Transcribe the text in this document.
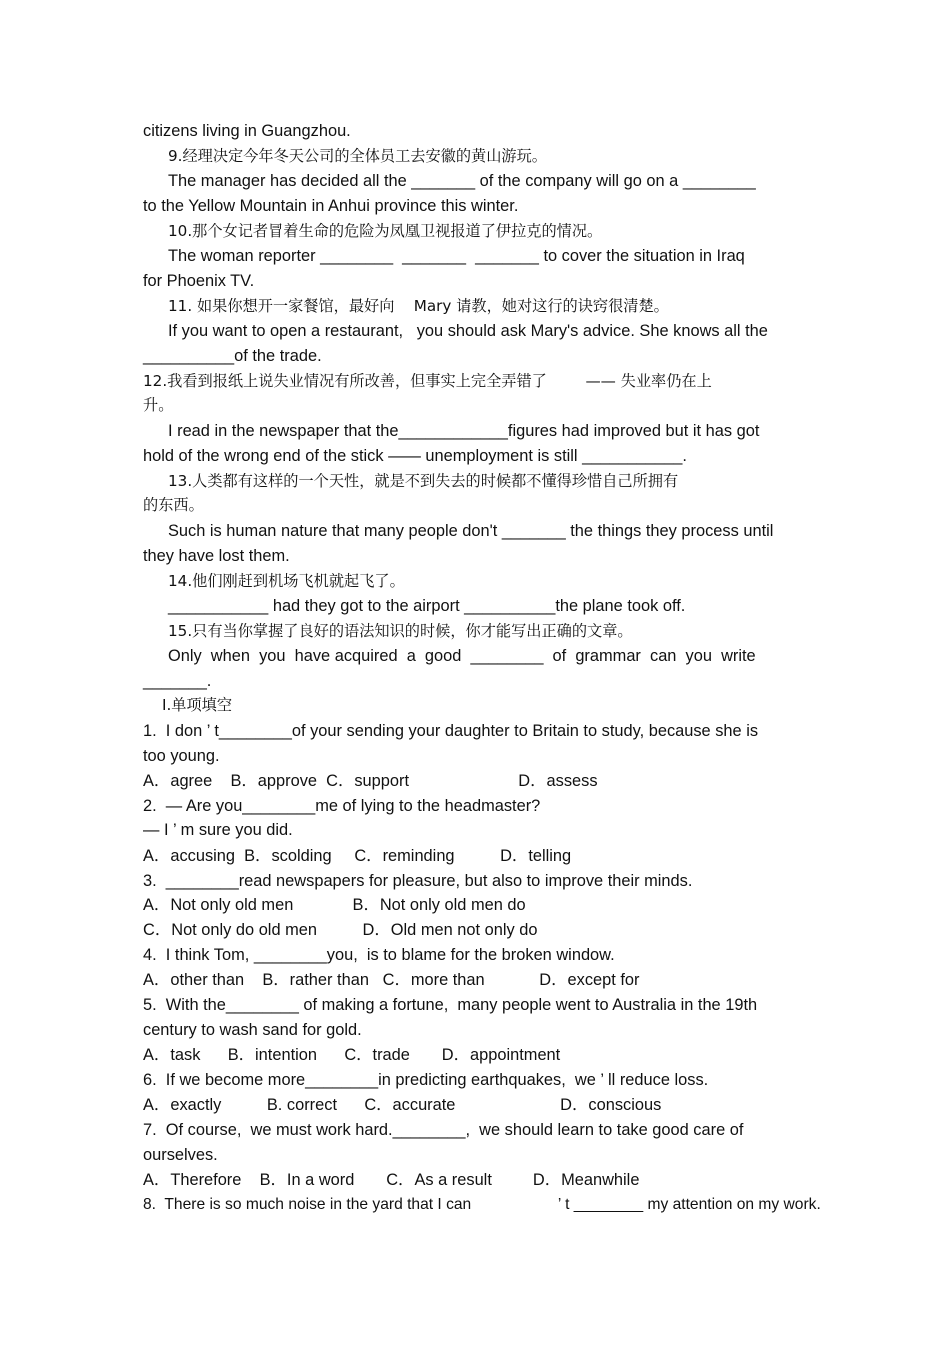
citizens living in Guangzhou.
9.经理决定今年冬天公司的全体员工去安徽的黄山游玩。
The manager has decided all the _______ of the company will go on a ________
to the Yellow Mountain in Anhui province this winter.
10.那个女记者冒着生命的危险为凤凰卫视报道了伊拉克的情况。
The woman reporter ________  _______  _______ to cover the situation in Iraq
for Phoenix TV.
11. 如果你想开一家餐馆，最好向    Mary 请教，她对这行的诀窍很清楚。
If you want to open a restaurant,   you should ask Mary's advice. She knows all the
__________of the trade.
12.我看到报纸上说失业情况有所改善，但事实上完全弄错了        —— 失业率仍在上
升。
I read in the newspaper that the____________figures had improved but it has got
hold of the wrong end of the stick —— unemployment is still ___________.
13.人类都有这样的一个天性，就是不到失去的时候都不懂得珍惜自己所拥有
的东西。
Such is human nature that many people don't _______ the things they process until
they have lost them.
14.他们刚赶到机场飞机就起飞了。
___________ had they got to the airport __________the plane took off.
15.只有当你掌握了良好的语法知识的时候，你才能写出正确的文章。
Only  when  you  have acquired  a  good  ________  of  grammar  can  you  write
_______.
Ⅰ.单项填空
1.  I don ’ t________of your sending your daughter to Britain to study, because she is
too young.
A．agree    B．approve  C．support                        D．assess
2.  — Are you________me of lying to the headmaster?
— I ’ m sure you did.
A．accusing  B．scolding     C．reminding          D．telling
3.  ________read newspapers for pleasure, but also to improve their minds.
A．Not only old men             B．Not only old men do
C．Not only do old men          D．Old men not only do
4.  I think Tom, ________you,  is to blame for the broken window.
A．other than    B．rather than   C．more than            D．except for
5.  With the________ of making a fortune,  many people went to Australia in the 19th
century to wash sand for gold.
A．task      B．intention      C．trade       D．appointment
6.  If we become more________in predicting earthquakes,  we ’ ll reduce loss.
A．exactly          B. correct      C．accurate                       D．conscious
7.  Of course,  we must work hard.________,  we should learn to take good care of
ourselves.
A．Therefore    B．In a word       C．As a result         D．Meanwhile
8.  There is so much noise in the yard that I can                    ’ t ________ my attention on my work.
